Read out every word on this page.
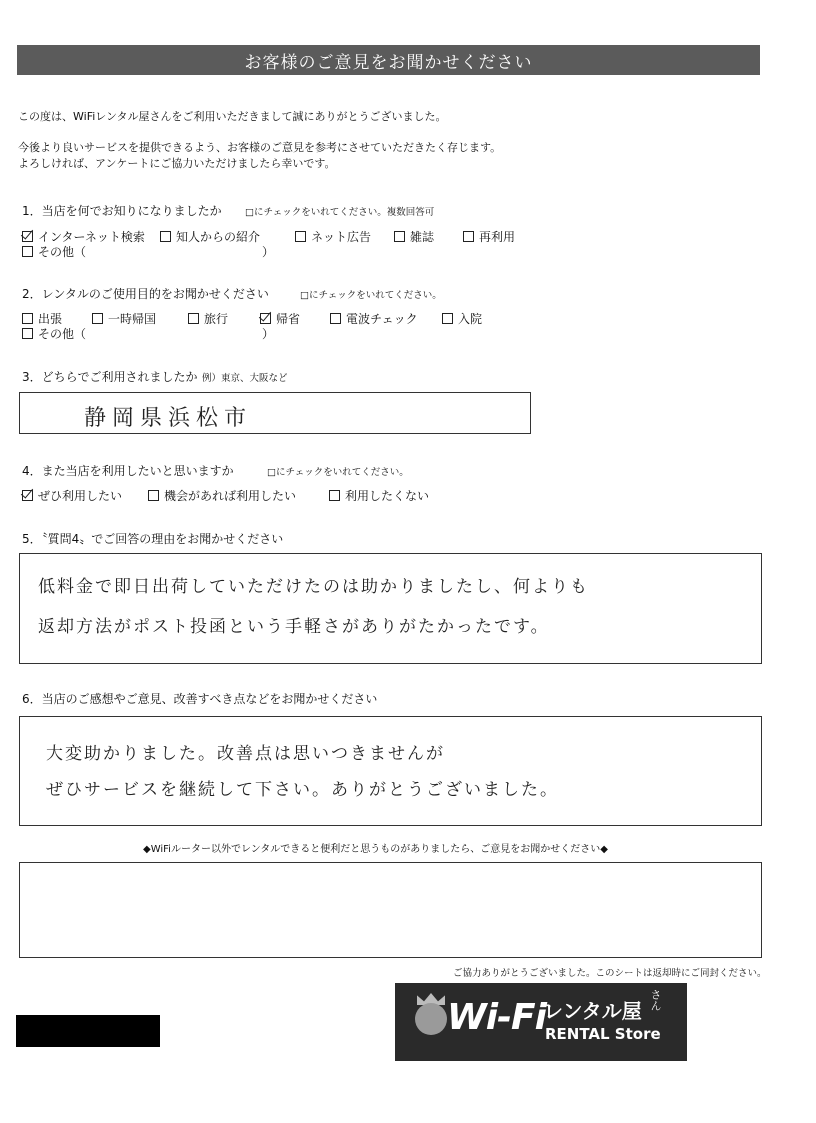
お客様のご意見をお聞かせください
この度は、WiFiレンタル屋さんをご利用いただきまして誠にありがとうございました。
今後より良いサービスを提供できるよう、お客様のご意見を参考にさせていただきたく存じます。
よろしければ、アンケートにご協力いただけましたら幸いです。
1．当店を何でお知りになりましたか □にチェックをいれてください。複数回答可
インターネット検索	知人からの紹介	ネット広告	雑誌	再利用
その他（	）
2．レンタルのご使用目的をお聞かせください	□にチェックをいれてください。
出張	一時帰国	旅行	帰省	電波チェック	入院
その他（	）
3．どちらでご利用されましたか 例）東京、大阪など
静岡県浜松市
4．また当店を利用したいと思いますか	□にチェックをいれてください。
ぜひ利用したい	機会があれば利用したい	利用したくない
5．〝質問4〟でご回答の理由をお聞かせください
低料金で即日出荷していただけたのは助かりましたし、何よりも
返却方法がポスト投函という手軽さがありがたかったです。
6．当店のご感想やご意見、改善すべき点などをお聞かせください
大変助かりました。改善点は思いつきませんが
ぜひサービスを継続して下さい。ありがとうございました。
◆WiFiルーター以外でレンタルできると便利だと思うものがありましたら、ご意見をお聞かせください◆
ご協力ありがとうございました。このシートは返却時にご同封ください。
Wi-Fi
レンタル屋 さん
RENTAL Store
